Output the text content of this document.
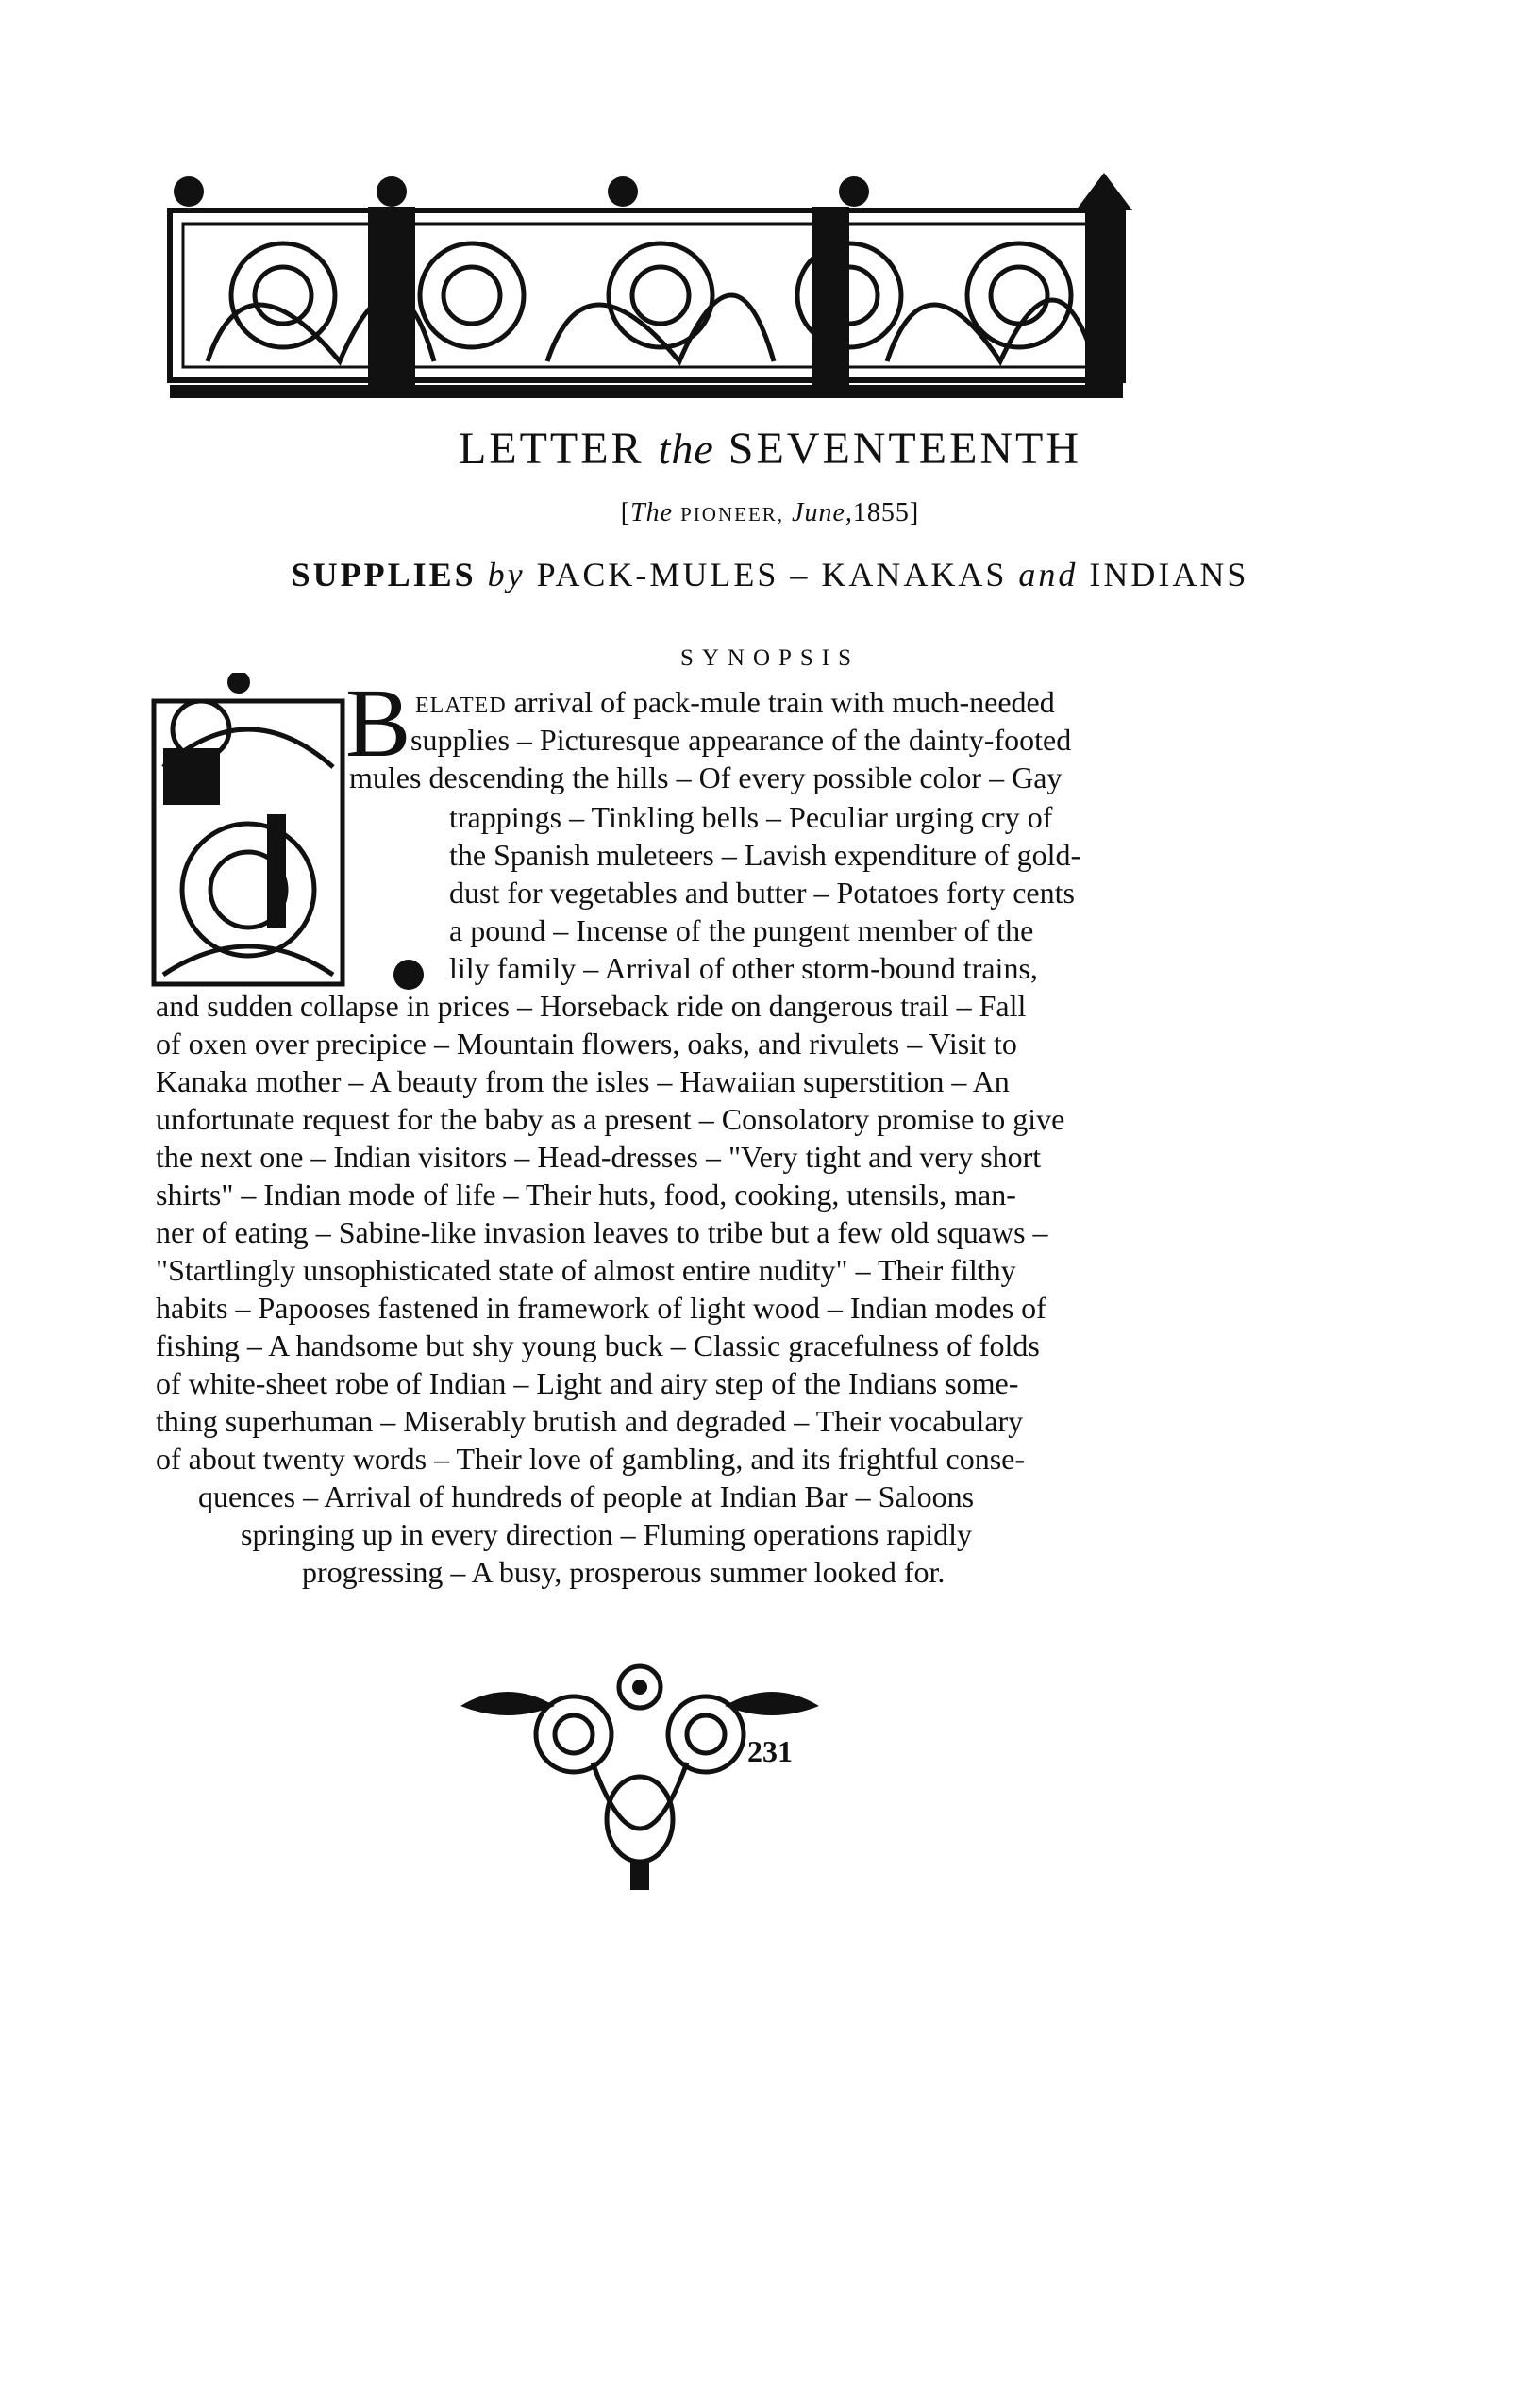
LETTER the SEVENTEENTH
[The PIONEER, June,1855]
SUPPLIES by PACK-MULES – KANAKAS and INDIANS
SYNOPSIS
B ELATED arrival of pack-mule train with much-needed
supplies – Picturesque appearance of the dainty-footed
mules descending the hills – Of every possible color – Gay
trappings – Tinkling bells – Peculiar urging cry of
the Spanish muleteers – Lavish expenditure of gold-
dust for vegetables and butter – Potatoes forty cents
a pound – Incense of the pungent member of the
lily family – Arrival of other storm-bound trains,
and sudden collapse in prices – Horseback ride on dangerous trail – Fall
of oxen over precipice – Mountain flowers, oaks, and rivulets – Visit to
Kanaka mother – A beauty from the isles – Hawaiian superstition – An
unfortunate request for the baby as a present – Consolatory promise to give
the next one – Indian visitors – Head-dresses – "Very tight and very short
shirts" – Indian mode of life – Their huts, food, cooking, utensils, man-
ner of eating – Sabine-like invasion leaves to tribe but a few old squaws –
"Startlingly unsophisticated state of almost entire nudity" – Their filthy
habits – Papooses fastened in framework of light wood – Indian modes of
fishing – A handsome but shy young buck – Classic gracefulness of folds
of white-sheet robe of Indian – Light and airy step of the Indians some-
thing superhuman – Miserably brutish and degraded – Their vocabulary
of about twenty words – Their love of gambling, and its frightful conse-
quences – Arrival of hundreds of people at Indian Bar – Saloons
springing up in every direction – Fluming operations rapidly
progressing – A busy, prosperous summer looked for.
231
